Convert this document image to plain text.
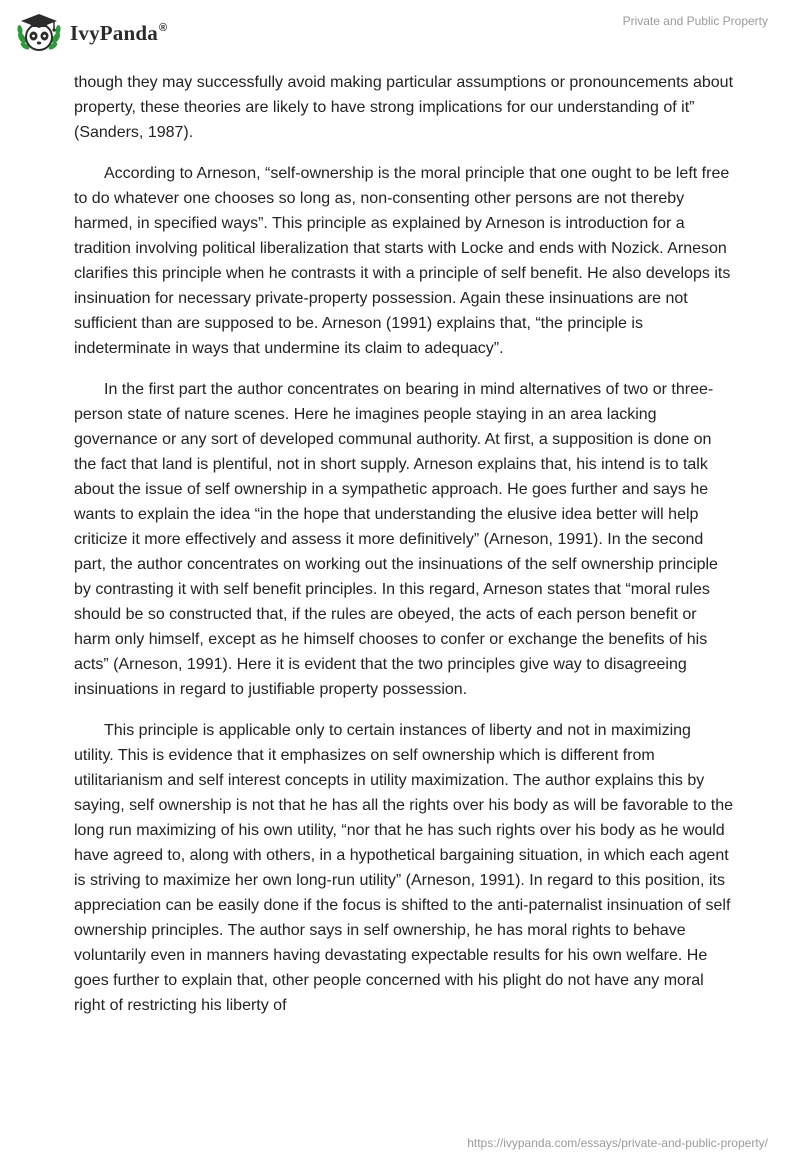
IvyPanda®	Private and Public Property

though they may successfully avoid making particular assumptions or pronouncements about property, these theories are likely to have strong implications for our understanding of it” (Sanders, 1987).

According to Arneson, “self-ownership is the moral principle that one ought to be left free to do whatever one chooses so long as, non-consenting other persons are not thereby harmed, in specified ways”. This principle as explained by Arneson is introduction for a tradition involving political liberalization that starts with Locke and ends with Nozick. Arneson clarifies this principle when he contrasts it with a principle of self benefit. He also develops its insinuation for necessary private-property possession. Again these insinuations are not sufficient than are supposed to be. Arneson (1991) explains that, “the principle is indeterminate in ways that undermine its claim to adequacy”.

In the first part the author concentrates on bearing in mind alternatives of two or three-person state of nature scenes. Here he imagines people staying in an area lacking governance or any sort of developed communal authority. At first, a supposition is done on the fact that land is plentiful, not in short supply. Arneson explains that, his intend is to talk about the issue of self ownership in a sympathetic approach. He goes further and says he wants to explain the idea “in the hope that understanding the elusive idea better will help criticize it more effectively and assess it more definitively” (Arneson, 1991). In the second part, the author concentrates on working out the insinuations of the self ownership principle by contrasting it with self benefit principles. In this regard, Arneson states that “moral rules should be so constructed that, if the rules are obeyed, the acts of each person benefit or harm only himself, except as he himself chooses to confer or exchange the benefits of his acts” (Arneson, 1991). Here it is evident that the two principles give way to disagreeing insinuations in regard to justifiable property possession.

This principle is applicable only to certain instances of liberty and not in maximizing utility. This is evidence that it emphasizes on self ownership which is different from utilitarianism and self interest concepts in utility maximization. The author explains this by saying, self ownership is not that he has all the rights over his body as will be favorable to the long run maximizing of his own utility, “nor that he has such rights over his body as he would have agreed to, along with others, in a hypothetical bargaining situation, in which each agent is striving to maximize her own long-run utility” (Arneson, 1991). In regard to this position, its appreciation can be easily done if the focus is shifted to the anti-paternalist insinuation of self ownership principles. The author says in self ownership, he has moral rights to behave voluntarily even in manners having devastating expectable results for his own welfare. He goes further to explain that, other people concerned with his plight do not have any moral right of restricting his liberty of

https://ivypanda.com/essays/private-and-public-property/
